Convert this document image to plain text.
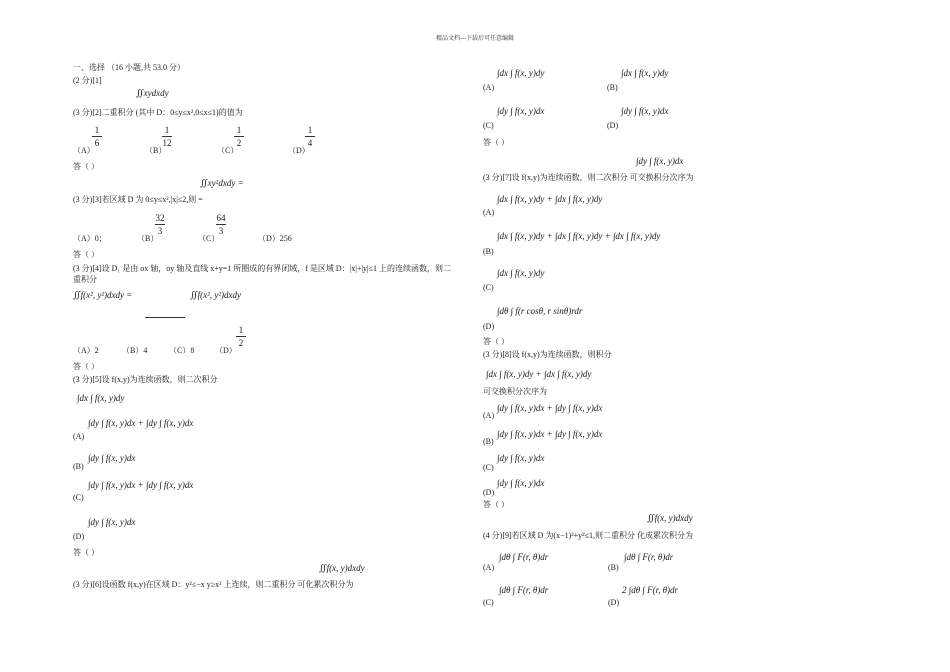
精品文档---下载后可任意编辑
一、选择 （16 小题,共 53.0 分）
(2 分)[1]
∬xydxdy
(3 分)[2]二重积分 (其中 D：0≤y≤x²,0≤x≤1)的值为
（A）
1
6
（B）
1
12
（C）
1
2
（D）
1
4
答（ ）
∬xy²dxdy =
(3 分)[3]若区域 D 为 0≤y≤x²,|x|≤2,则 =
（A）0；	（B）
32
3
（C）
64
3
（D）256
答（ ）
(3 分)[4]设 D₁ 是由 ox 轴，oy 轴及直线 x+y=1 所圈成的有界闭域，f 是区域 D：|x|+|y|≤1 上的连续函数，则二
重积分
∬f(x², y²)dxdy =	∬f(x², y²)dxdy
（A）2	（B）4	（C）8	（D）
1
2
答（ ）
(3 分)[5]设 f(x,y)为连续函数，则二次积分
∫dx ∫ f(x, y)dy
(A)
∫dy ∫ f(x, y)dx + ∫dy ∫ f(x, y)dx
(B)
∫dy ∫ f(x, y)dx
(C)
∫dy ∫ f(x, y)dx + ∫dy ∫ f(x, y)dx
(D)
∫dy ∫ f(x, y)dx
答（ ）
∬f(x, y)dxdy
(3 分)[6]设函数 f(x,y)在区域 D：y²≤−x y≥x² 上连续，则二重积分 可化累次积分为
(A)
∫dx ∫ f(x, y)dy
(B)
∫dx ∫ f(x, y)dy
(C)
∫dy ∫ f(x, y)dx
(D)
∫dy ∫ f(x, y)dx
答（ ）
∫dy ∫ f(x, y)dx
(3 分)[7]设 f(x,y)为连续函数，则二次积分 可交换积分次序为
(A)
∫dx ∫ f(x, y)dy + ∫dx ∫ f(x, y)dy
(B)
∫dx ∫ f(x, y)dy + ∫dx ∫ f(x, y)dy + ∫dx ∫ f(x, y)dy
(C)
∫dx ∫ f(x, y)dy
(D)
∫dθ ∫ f(r cosθ, r sinθ)rdr
答（ ）
(3 分)[8]设 f(x,y)为连续函数，则积分
∫dx ∫ f(x, y)dy + ∫dx ∫ f(x, y)dy
可交换积分次序为
(A)
∫dy ∫ f(x, y)dx + ∫dy ∫ f(x, y)dx
(B)
∫dy ∫ f(x, y)dx + ∫dy ∫ f(x, y)dx
(C)
∫dy ∫ f(x, y)dx
(D)
∫dy ∫ f(x, y)dx
答（ ）
∬f(x, y)dxdy
(4 分)[9]若区域 D 为(x−1)²+y²≤1,则二重积分 化成累次积分为
(A)
∫dθ ∫ F(r, θ)dr
(B)
∫dθ ∫ F(r, θ)dr
(C)
∫dθ ∫ F(r, θ)dr
(D)
2 ∫dθ ∫ F(r, θ)dr
